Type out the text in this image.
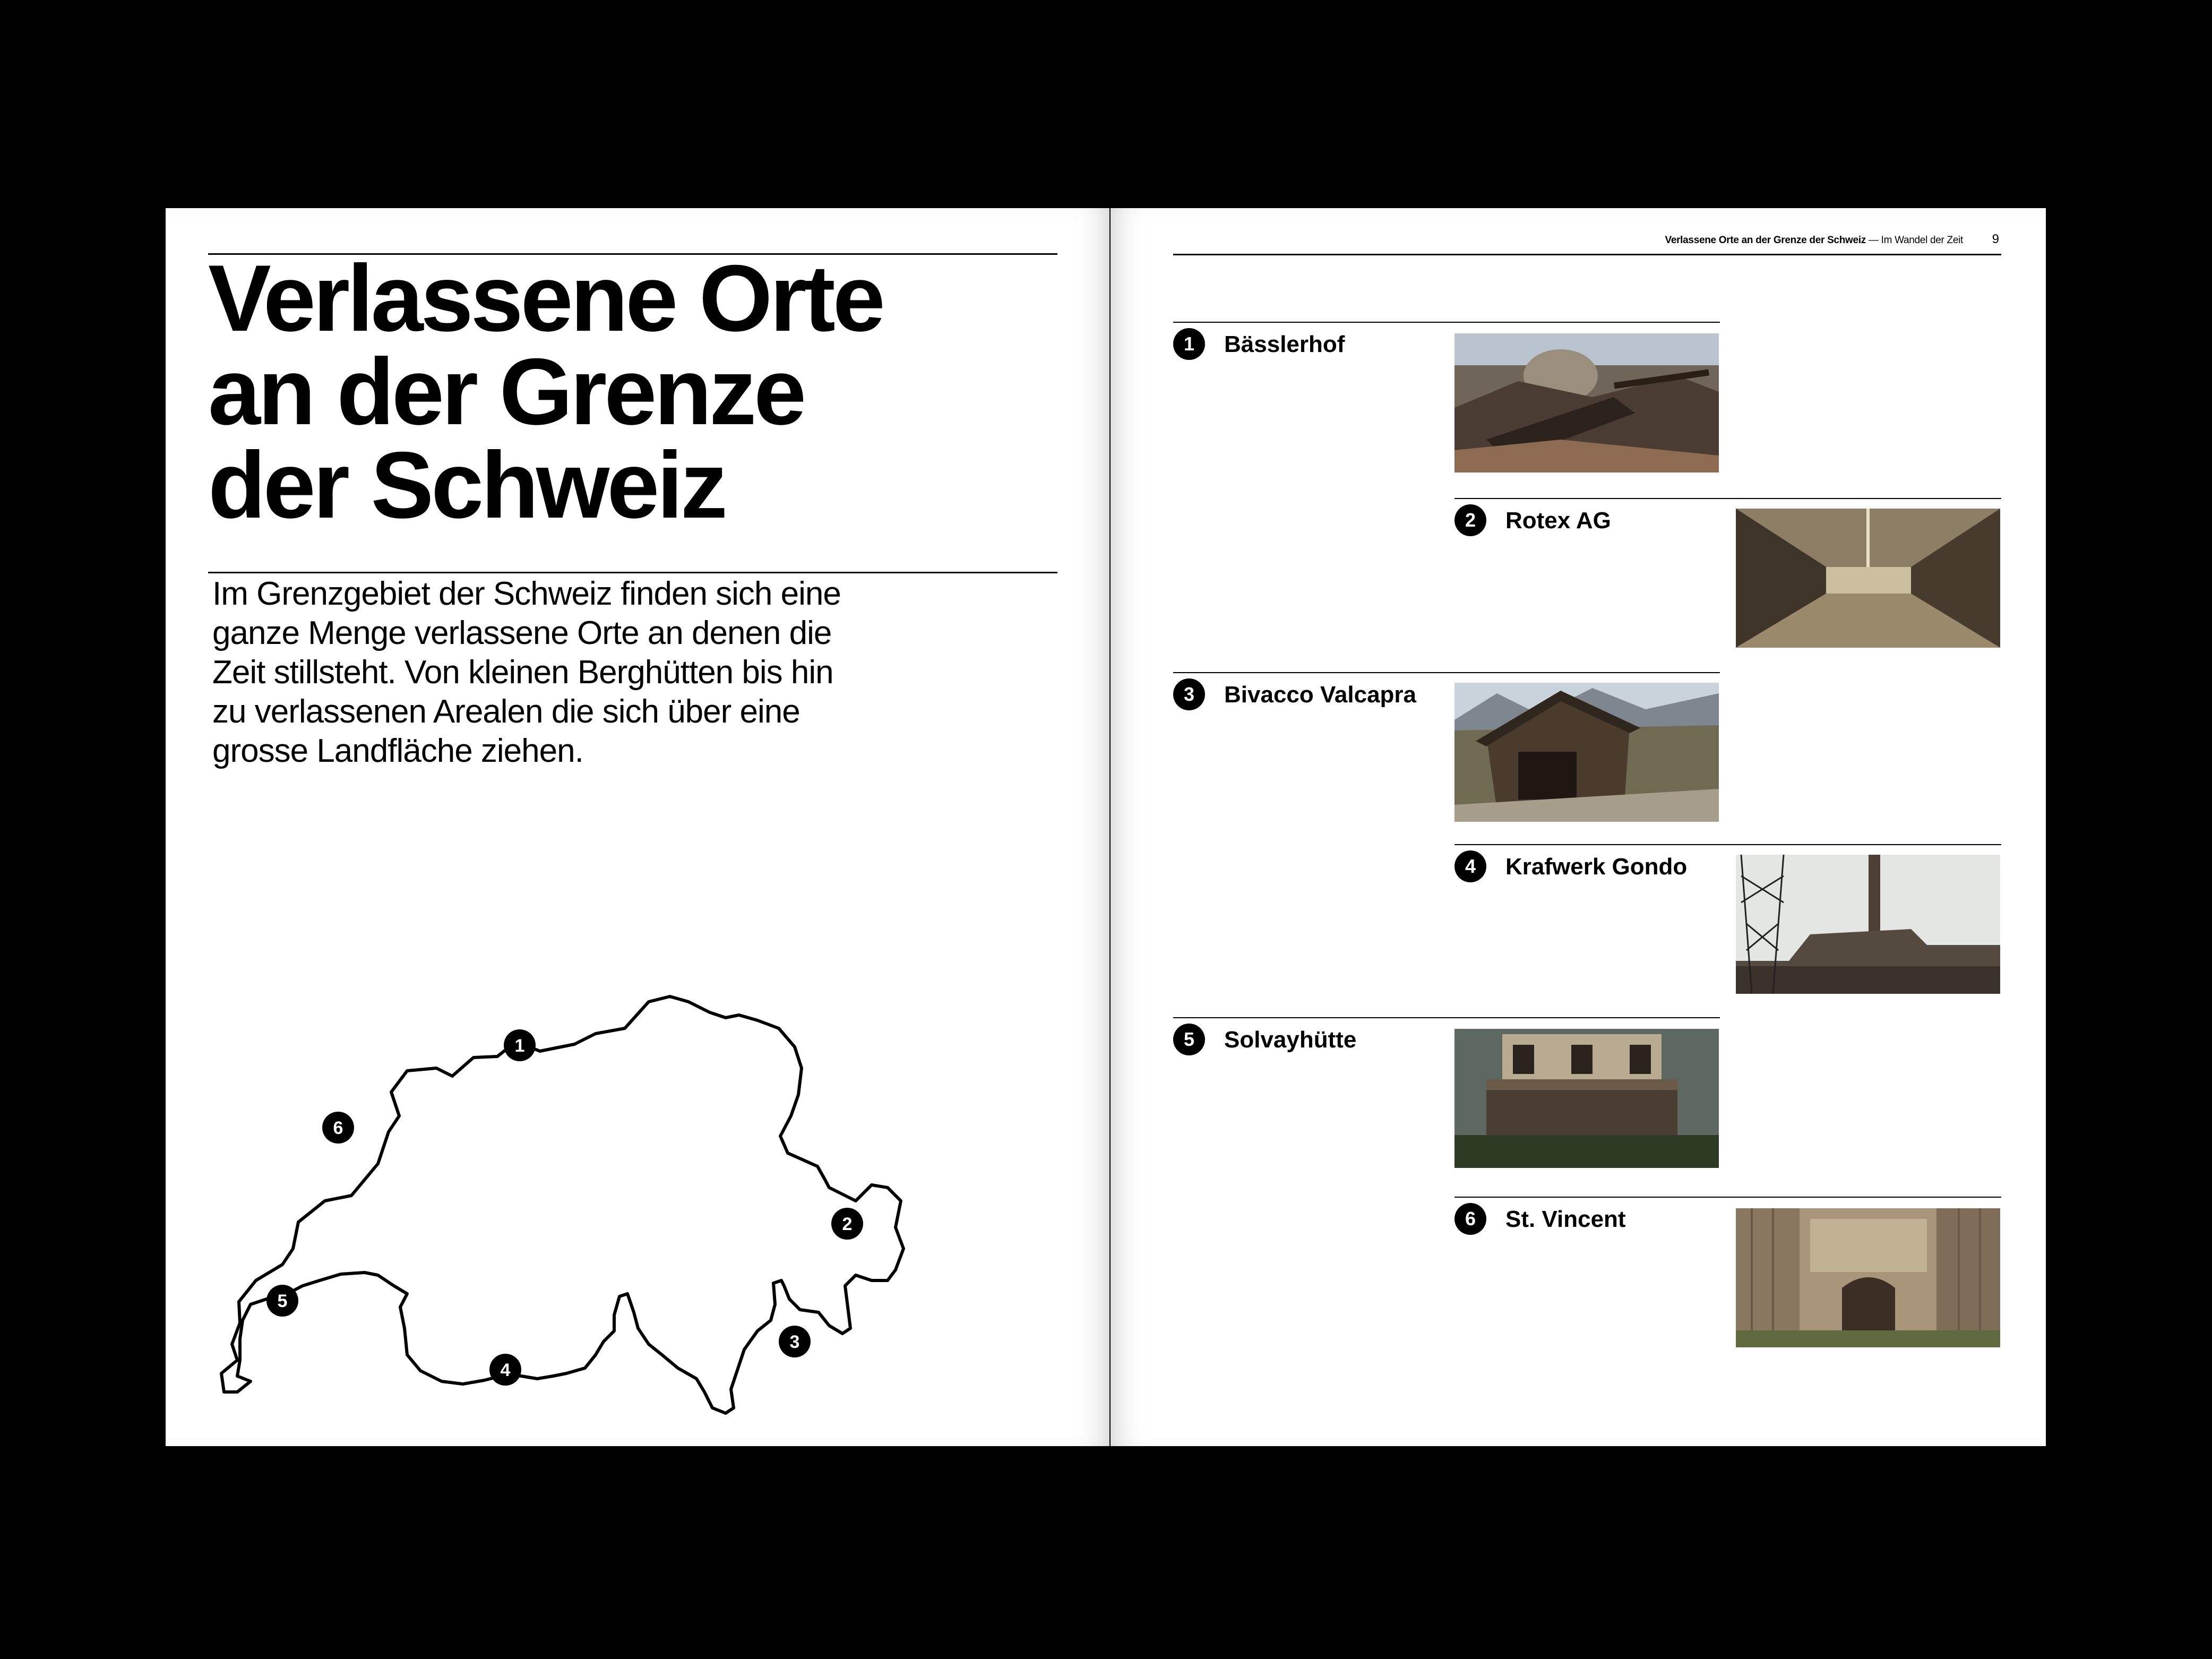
Verlassene Orte
an der Grenze
der Schweiz
Im Grenzgebiet der Schweiz finden sich eine
ganze Menge verlassene Orte an denen die
Zeit stillsteht. Von kleinen Berghütten bis hin
zu verlassenen Arealen die sich über eine
grosse Landfläche ziehen.
1
2
3
4
5
6
Verlassene Orte an der Grenze der Schweiz — Im Wandel der Zeit 9
1	Bässlerhof
2	Rotex AG
3	Bivacco Valcapra
4	Krafwerk Gondo
5	Solvayhütte
6	St. Vincent
